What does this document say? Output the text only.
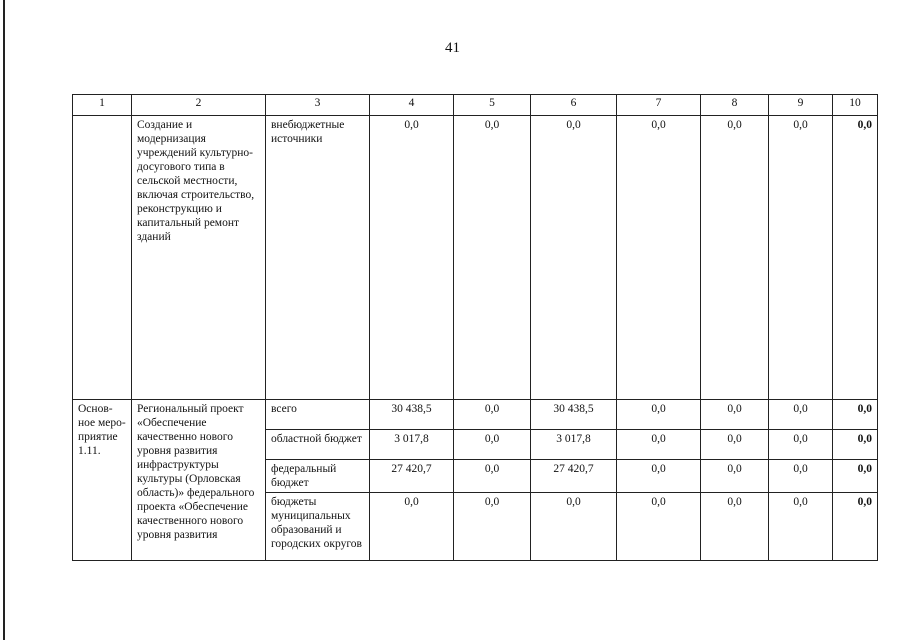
41
1	2	3	4	5	6	7	8	9	10
	Создание и модернизация учреждений культурно-досугового типа в сельской местности, включая строительство, реконструкцию и капитальный ремонт зданий	внебюджетные источники	0,0	0,0	0,0	0,0	0,0	0,0	0,0
Основ-ное меро-приятие 1.11.	Региональный проект «Обеспечение качественно нового уровня развития инфраструктуры культуры (Орловская область)» федерального проекта «Обеспечение качественного нового уровня развития	всего	30 438,5	0,0	30 438,5	0,0	0,0	0,0	0,0
		областной бюджет	3 017,8	0,0	3 017,8	0,0	0,0	0,0	0,0
		федеральный бюджет	27 420,7	0,0	27 420,7	0,0	0,0	0,0	0,0
		бюджеты муниципальных образований и городских округов	0,0	0,0	0,0	0,0	0,0	0,0	0,0
